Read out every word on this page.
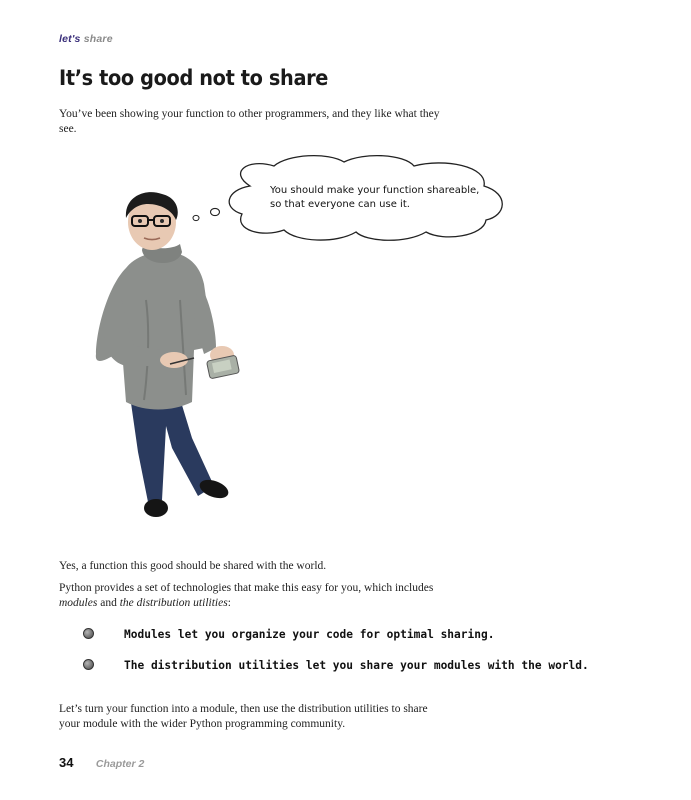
let's share
It’s too good not to share

You’ve been showing your function to other programmers, and they like what they see.

You should make your function shareable,
so that everyone can use it.

Yes, a function this good should be shared with the world.

Python provides a set of technologies that make this easy for you, which includes modules and the distribution utilities:

Modules let you organize your code for optimal sharing.
The distribution utilities let you share your modules with the world.

Let’s turn your function into a module, then use the distribution utilities to share your module with the wider Python programming community.

34 Chapter 2
